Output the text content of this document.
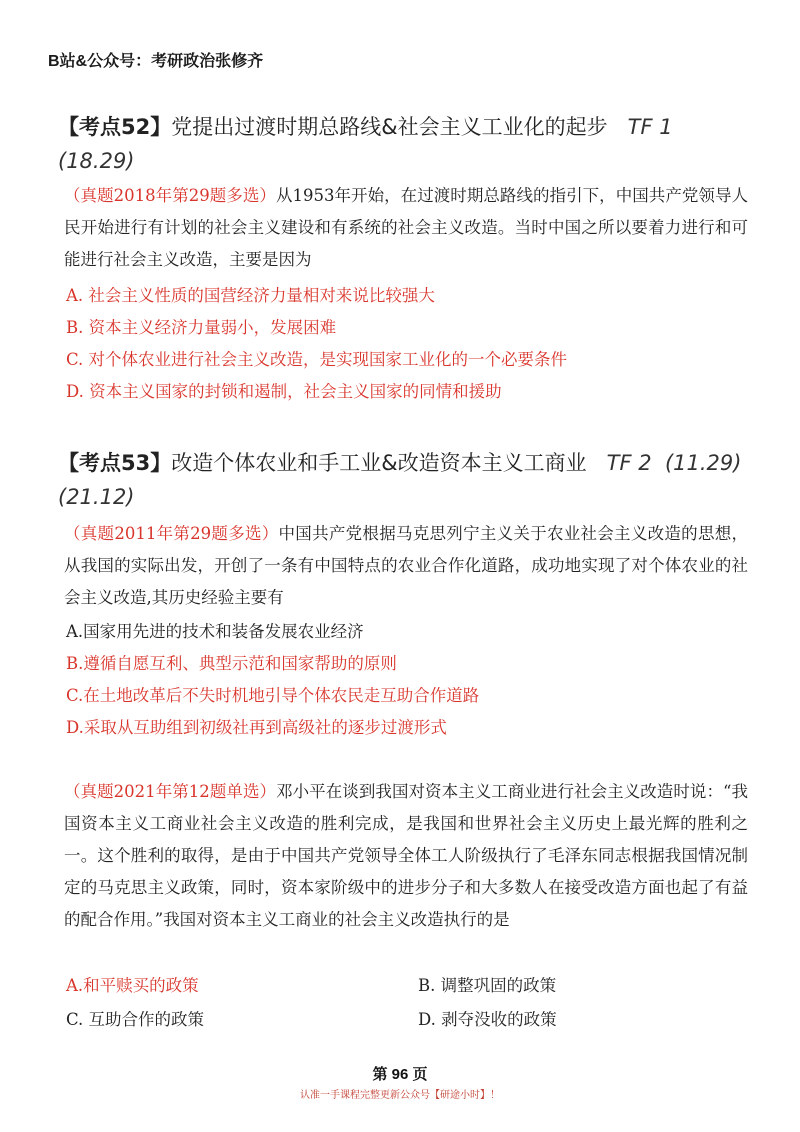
B站&公众号：考研政治张修齐
【考点52】党提出过渡时期总路线&社会主义工业化的起步 TF 1
(18.29)
（真题2018年第29题多选）从1953年开始，在过渡时期总路线的指引下，中国共产党领导人民开始进行有计划的社会主义建设和有系统的社会主义改造。当时中国之所以要着力进行和可能进行社会主义改造，主要是因为
A. 社会主义性质的国营经济力量相对来说比较强大
B. 资本主义经济力量弱小，发展困难
C. 对个体农业进行社会主义改造，是实现国家工业化的一个必要条件
D. 资本主义国家的封锁和遏制，社会主义国家的同情和援助
【考点53】改造个体农业和手工业&改造资本主义工商业 TF 2 (11.29)
(21.12)
（真题2011年第29题多选）中国共产党根据马克思列宁主义关于农业社会主义改造的思想，从我国的实际出发，开创了一条有中国特点的农业合作化道路，成功地实现了对个体农业的社会主义改造,其历史经验主要有
A.国家用先进的技术和装备发展农业经济
B.遵循自愿互利、典型示范和国家帮助的原则
C.在土地改革后不失时机地引导个体农民走互助合作道路
D.采取从互助组到初级社再到高级社的逐步过渡形式
（真题2021年第12题单选）邓小平在谈到我国对资本主义工商业进行社会主义改造时说：“我国资本主义工商业社会主义改造的胜利完成，是我国和世界社会主义历史上最光辉的胜利之一。这个胜利的取得，是由于中国共产党领导全体工人阶级执行了毛泽东同志根据我国情况制定的马克思主义政策，同时，资本家阶级中的进步分子和大多数人在接受改造方面也起了有益的配合作用。”我国对资本主义工商业的社会主义改造执行的是
A.和平赎买的政策	B. 调整巩固的政策
C. 互助合作的政策	D. 剥夺没收的政策
第 96 页
认准一手课程完整更新公众号【研途小时】！
